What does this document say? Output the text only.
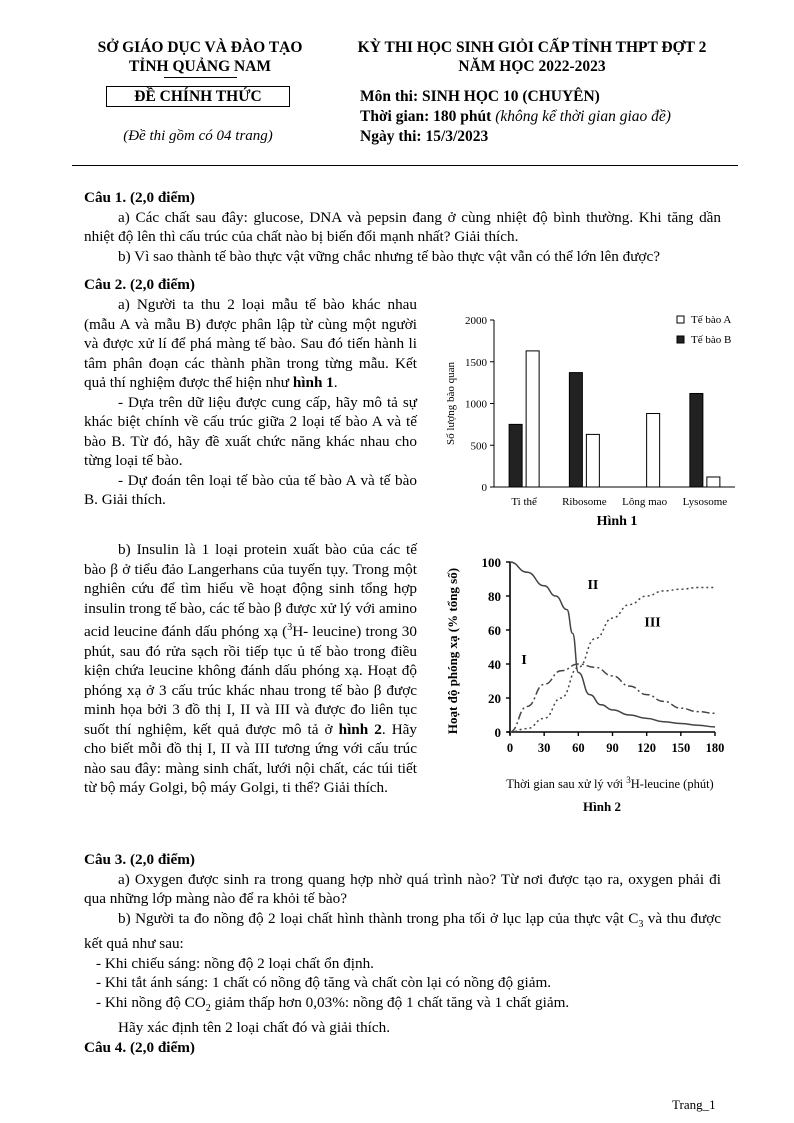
SỞ GIÁO DỤC VÀ ĐÀO TẠO
TỈNH QUẢNG NAM
ĐỀ CHÍNH THỨC
(Đề thi gồm có 04 trang)
KỲ THI HỌC SINH GIỎI CẤP TỈNH THPT ĐỢT 2
NĂM HỌC 2022-2023
Môn thi: SINH HỌC 10 (CHUYÊN)
Thời gian: 180 phút (không kể thời gian giao đề)
Ngày thi: 15/3/2023

Câu 1. (2,0 điểm)

a) Các chất sau đây: glucose, DNA và pepsin đang ở cùng nhiệt độ bình thường. Khi tăng dần nhiệt độ lên thì cấu trúc của chất nào bị biến đổi mạnh nhất? Giải thích.

b) Vì sao thành tế bào thực vật vững chắc nhưng tế bào thực vật vẫn có thể lớn lên được?

Câu 2. (2,0 điểm)

a) Người ta thu 2 loại mẫu tế bào khác nhau (mẫu A và mẫu B) được phân lập từ cùng một người và được xử lí để phá màng tế bào. Sau đó tiến hành li tâm phân đoạn các thành phần trong từng mẫu. Kết quả thí nghiệm được thể hiện như hình 1.

- Dựa trên dữ liệu được cung cấp, hãy mô tả sự khác biệt chính về cấu trúc giữa 2 loại tế bào A và tế bào B. Từ đó, hãy đề xuất chức năng khác nhau cho từng loại tế bào.

- Dự đoán tên loại tế bào của tế bào A và tế bào B. Giải thích.

b) Insulin là 1 loại protein xuất bào của các tế bào β ở tiểu đảo Langerhans của tuyến tụy. Trong một nghiên cứu để tìm hiểu về hoạt động sinh tổng hợp insulin trong tế bào, các tế bào β được xử lý với amino acid leucine đánh dấu phóng xạ ($^3$H- leucine) trong 30 phút, sau đó rửa sạch rồi tiếp tục ủ tế bào trong điều kiện chứa leucine không đánh dấu phóng xạ. Hoạt độ phóng xạ ở 3 cấu trúc khác nhau trong tế bào β được minh họa bởi 3 đồ thị I, II và III và được đo liên tục suốt thí nghiệm, kết quả được mô tả ở hình 2. Hãy cho biết mỗi đồ thị I, II và III tương ứng với cấu trúc nào sau đây: màng sinh chất, lưới nội chất, các túi tiết từ bộ máy Golgi, bộ máy Golgi, ti thể? Giải thích.

0
500
1000
1500
2000
Số lượng bào quan
Ti thể Ribosome Lông mao Lysosome
Tế bào A
Tế bào B
Hình 1
0
20
40
60
80
100
0 30 60 90 120 150 180
Hoạt độ phóng xạ (% tổng số)
Thời gian sau xử lý với $^3$H-leucine (phút)
I
II
III
Hình 2

Câu 3. (2,0 điểm)

a) Oxygen được sinh ra trong quang hợp nhờ quá trình nào? Từ nơi được tạo ra, oxygen phải đi qua những lớp màng nào để ra khỏi tế bào?

b) Người ta đo nồng độ 2 loại chất hình thành trong pha tối ở lục lạp của thực vật $C_3$ và thu được kết quả như sau:

- Khi chiếu sáng: nồng độ 2 loại chất ổn định.

- Khi tắt ánh sáng: 1 chất có nồng độ tăng và chất còn lại có nồng độ giảm.

- Khi nồng độ $CO_2$ giảm thấp hơn 0,03%: nồng độ 1 chất tăng và 1 chất giảm.

Hãy xác định tên 2 loại chất đó và giải thích.

Câu 4. (2,0 điểm)
Trang_1
